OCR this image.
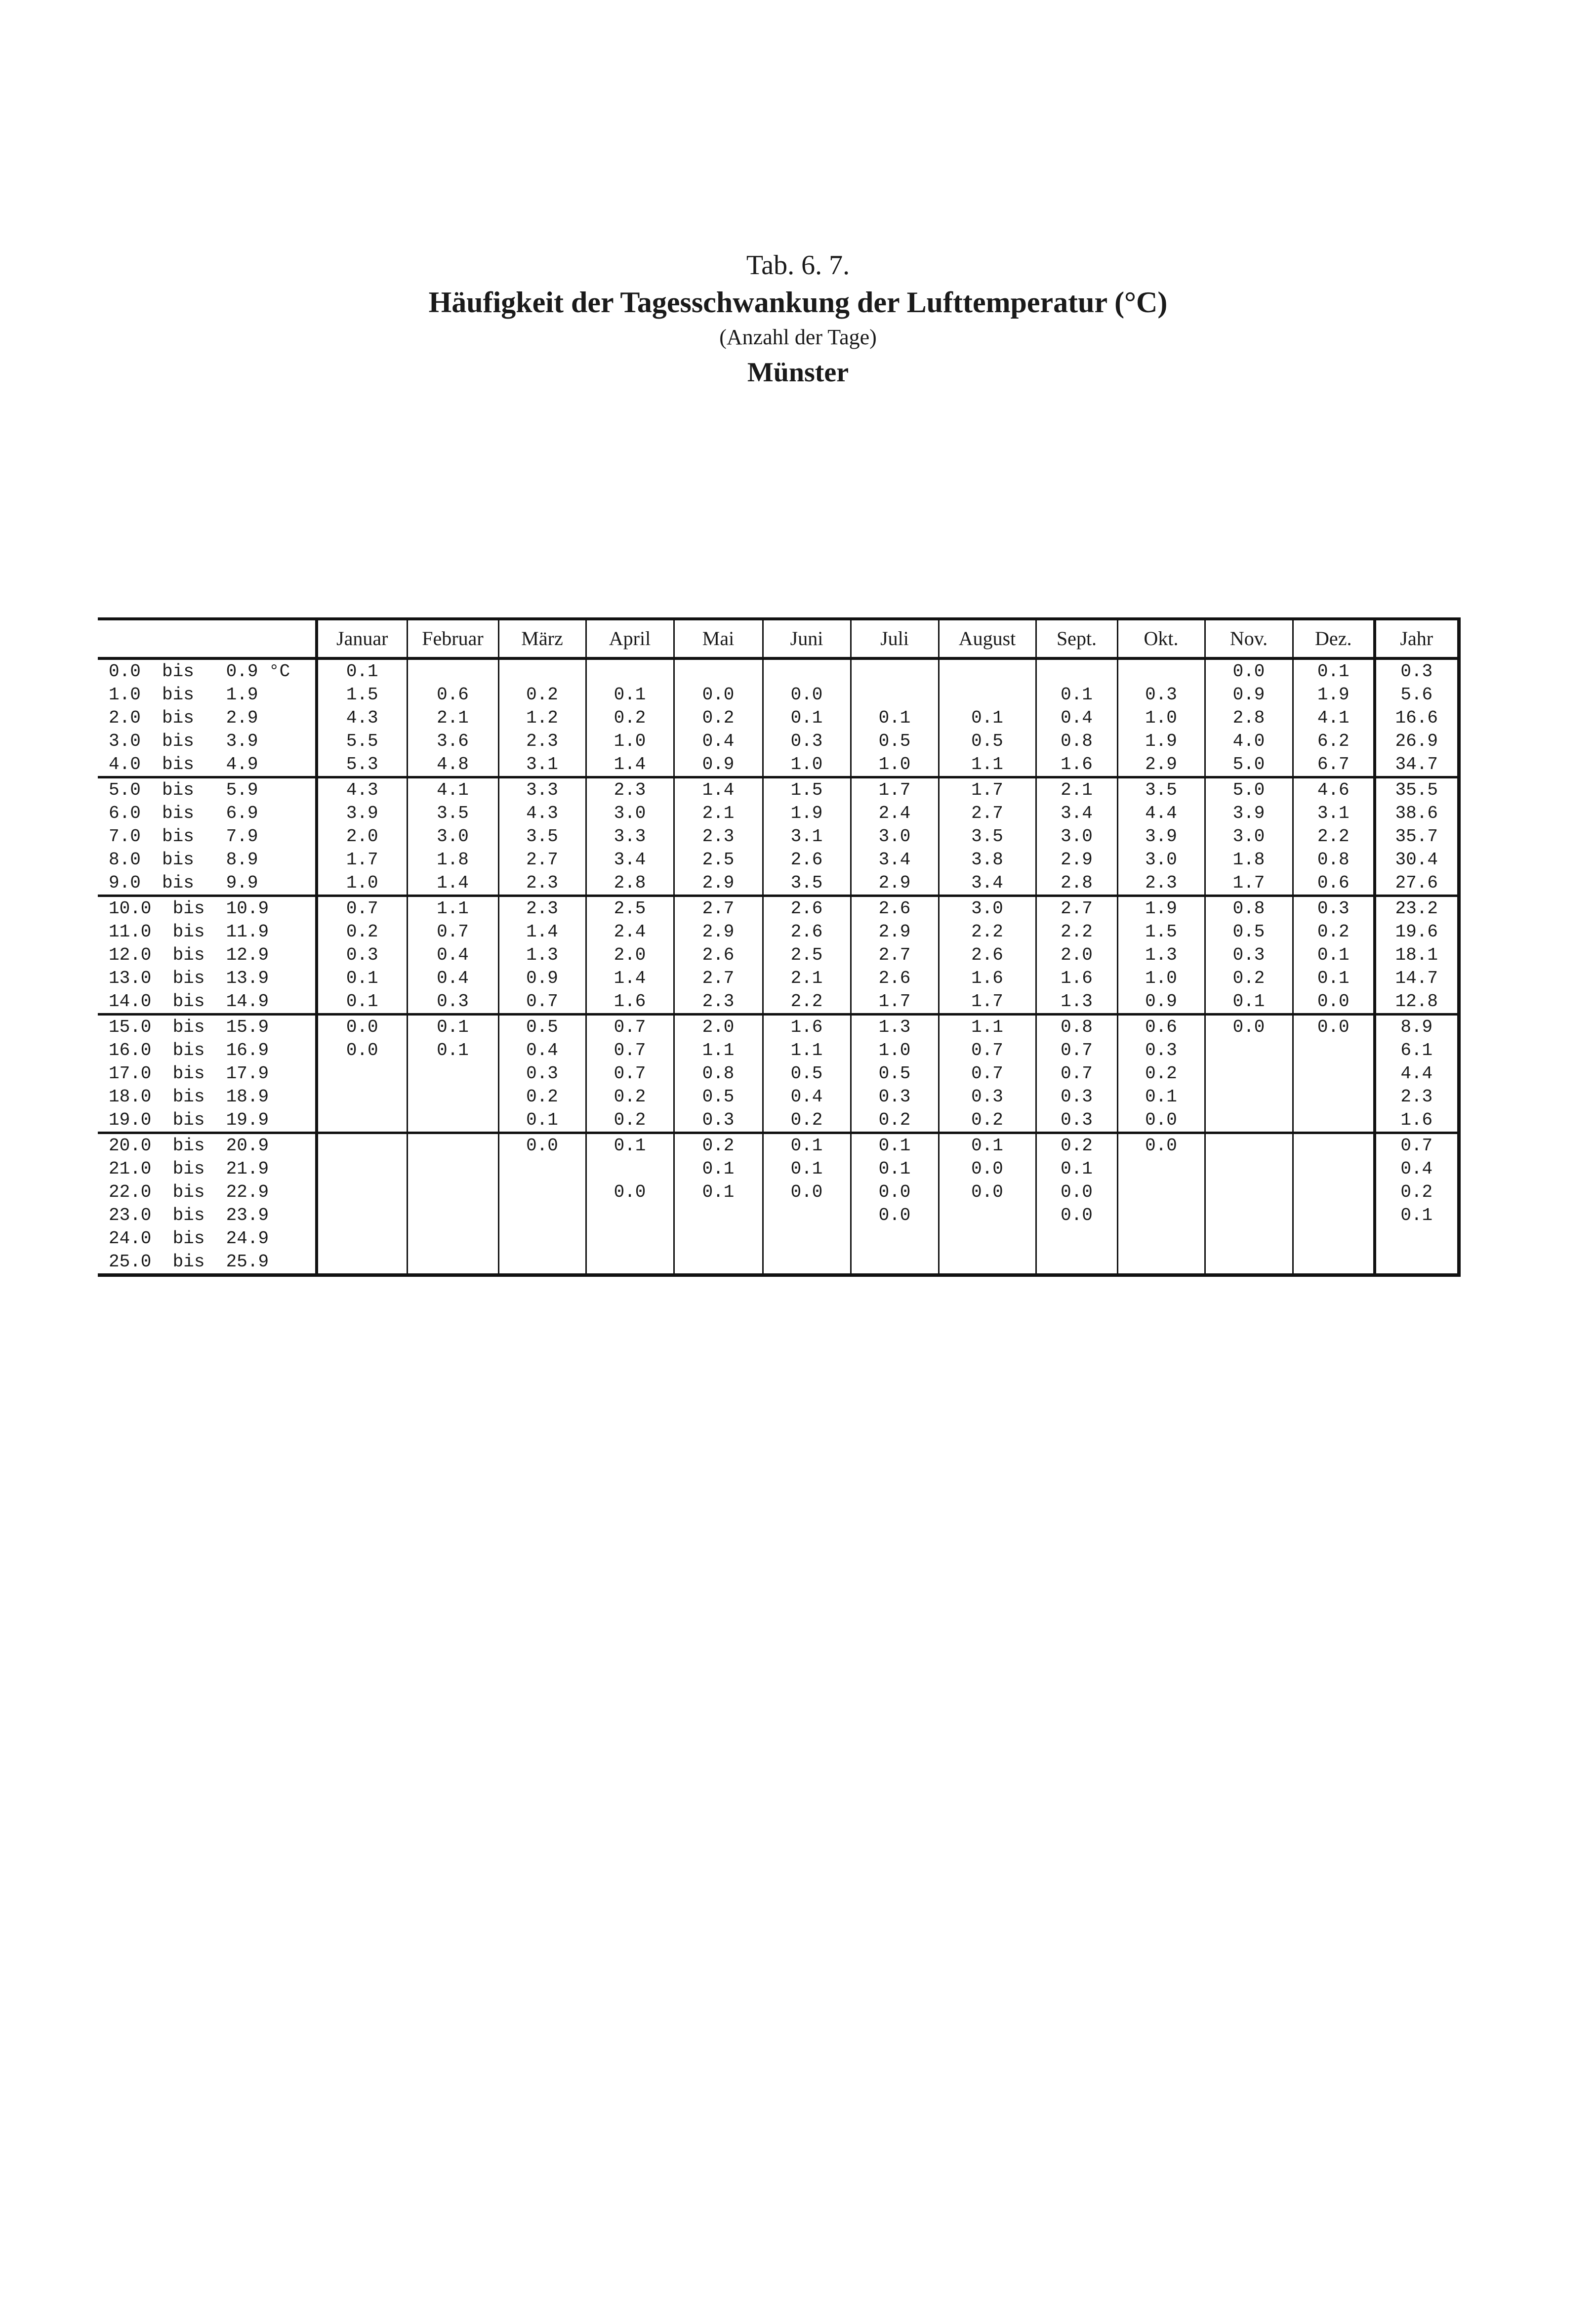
Tab. 6. 7.
Häufigkeit der Tagesschwankung der Lufttemperatur (°C)
(Anzahl der Tage)
Münster
	Januar	Februar	März	April	Mai	Juni	Juli	August	Sept.	Okt.	Nov.	Dez.	Jahr
0.0  bis   0.9 °C	0.1										0.0	0.1	0.3
1.0  bis   1.9	1.5	0.6	0.2	0.1	0.0	0.0			0.1	0.3	0.9	1.9	5.6
2.0  bis   2.9	4.3	2.1	1.2	0.2	0.2	0.1	0.1	0.1	0.4	1.0	2.8	4.1	16.6
3.0  bis   3.9	5.5	3.6	2.3	1.0	0.4	0.3	0.5	0.5	0.8	1.9	4.0	6.2	26.9
4.0  bis   4.9	5.3	4.8	3.1	1.4	0.9	1.0	1.0	1.1	1.6	2.9	5.0	6.7	34.7
5.0  bis   5.9	4.3	4.1	3.3	2.3	1.4	1.5	1.7	1.7	2.1	3.5	5.0	4.6	35.5
6.0  bis   6.9	3.9	3.5	4.3	3.0	2.1	1.9	2.4	2.7	3.4	4.4	3.9	3.1	38.6
7.0  bis   7.9	2.0	3.0	3.5	3.3	2.3	3.1	3.0	3.5	3.0	3.9	3.0	2.2	35.7
8.0  bis   8.9	1.7	1.8	2.7	3.4	2.5	2.6	3.4	3.8	2.9	3.0	1.8	0.8	30.4
9.0  bis   9.9	1.0	1.4	2.3	2.8	2.9	3.5	2.9	3.4	2.8	2.3	1.7	0.6	27.6
10.0  bis  10.9	0.7	1.1	2.3	2.5	2.7	2.6	2.6	3.0	2.7	1.9	0.8	0.3	23.2
11.0  bis  11.9	0.2	0.7	1.4	2.4	2.9	2.6	2.9	2.2	2.2	1.5	0.5	0.2	19.6
12.0  bis  12.9	0.3	0.4	1.3	2.0	2.6	2.5	2.7	2.6	2.0	1.3	0.3	0.1	18.1
13.0  bis  13.9	0.1	0.4	0.9	1.4	2.7	2.1	2.6	1.6	1.6	1.0	0.2	0.1	14.7
14.0  bis  14.9	0.1	0.3	0.7	1.6	2.3	2.2	1.7	1.7	1.3	0.9	0.1	0.0	12.8
15.0  bis  15.9	0.0	0.1	0.5	0.7	2.0	1.6	1.3	1.1	0.8	0.6	0.0	0.0	8.9
16.0  bis  16.9	0.0	0.1	0.4	0.7	1.1	1.1	1.0	0.7	0.7	0.3			6.1
17.0  bis  17.9			0.3	0.7	0.8	0.5	0.5	0.7	0.7	0.2			4.4
18.0  bis  18.9			0.2	0.2	0.5	0.4	0.3	0.3	0.3	0.1			2.3
19.0  bis  19.9			0.1	0.2	0.3	0.2	0.2	0.2	0.3	0.0			1.6
20.0  bis  20.9			0.0	0.1	0.2	0.1	0.1	0.1	0.2	0.0			0.7
21.0  bis  21.9					0.1	0.1	0.1	0.0	0.1				0.4
22.0  bis  22.9				0.0	0.1	0.0	0.0	0.0	0.0				0.2
23.0  bis  23.9							0.0		0.0				0.1
24.0  bis  24.9													
25.0  bis  25.9													
